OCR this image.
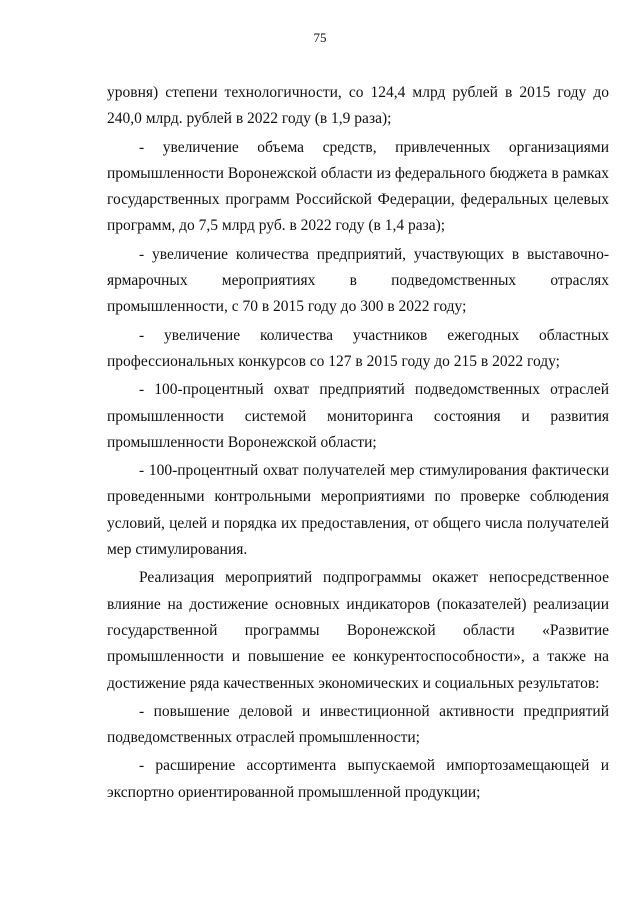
75

уровня) степени технологичности, со 124,4 млрд рублей в 2015 году до 240,0 млрд. рублей в 2022 году (в 1,9 раза);

- увеличение объема средств, привлеченных организациями промышленности Воронежской области из федерального бюджета в рамках государственных программ Российской Федерации, федеральных целевых программ, до 7,5 млрд руб. в 2022 году (в 1,4 раза);

- увеличение количества предприятий, участвующих в выставочно-ярмарочных мероприятиях в подведомственных отраслях промышленности, с 70 в 2015 году до 300 в 2022 году;

- увеличение количества участников ежегодных областных профессиональных конкурсов со 127 в 2015 году до 215 в 2022 году;

- 100-процентный охват предприятий подведомственных отраслей промышленности системой мониторинга состояния и развития промышленности Воронежской области;

- 100-процентный охват получателей мер стимулирования фактически проведенными контрольными мероприятиями по проверке соблюдения условий, целей и порядка их предоставления, от общего числа получателей мер стимулирования.

Реализация мероприятий подпрограммы окажет непосредственное влияние на достижение основных индикаторов (показателей) реализации государственной программы Воронежской области «Развитие промышленности и повышение ее конкурентоспособности», а также на достижение ряда качественных экономических и социальных результатов:

- повышение деловой и инвестиционной активности предприятий подведомственных отраслей промышленности;

- расширение ассортимента выпускаемой импортозамещающей и экспортно ориентированной промышленной продукции;
